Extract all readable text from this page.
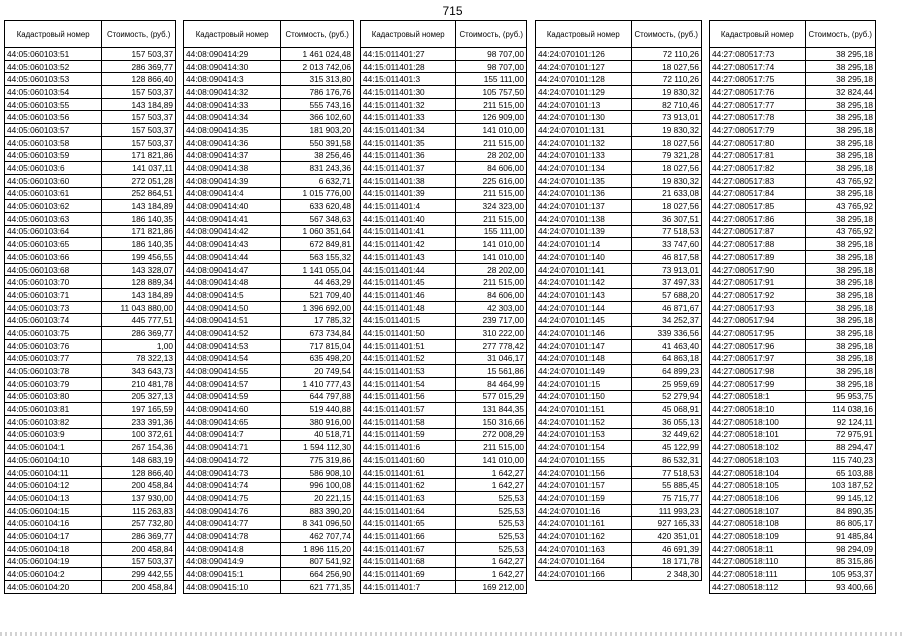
715
Кадастровый номер	Стоимость, (руб.)
44:05:060103:51	157 503,37
44:05:060103:52	286 369,77
44:05:060103:53	128 866,40
44:05:060103:54	157 503,37
44:05:060103:55	143 184,89
44:05:060103:56	157 503,37
44:05:060103:57	157 503,37
44:05:060103:58	157 503,37
44:05:060103:59	171 821,86
44:05:060103:6	141 037,11
44:05:060103:60	272 051,28
44:05:060103:61	252 864,51
44:05:060103:62	143 184,89
44:05:060103:63	186 140,35
44:05:060103:64	171 821,86
44:05:060103:65	186 140,35
44:05:060103:66	199 456,55
44:05:060103:68	143 328,07
44:05:060103:70	128 889,34
44:05:060103:71	143 184,89
44:05:060103:73	11 043 880,00
44:05:060103:74	445 777,51
44:05:060103:75	286 369,77
44:05:060103:76	1,00
44:05:060103:77	78 322,13
44:05:060103:78	343 643,73
44:05:060103:79	210 481,78
44:05:060103:80	205 327,13
44:05:060103:81	197 165,59
44:05:060103:82	233 391,36
44:05:060103:9	100 372,61
44:05:060104:1	267 154,36
44:05:060104:10	148 683,19
44:05:060104:11	128 866,40
44:05:060104:12	200 458,84
44:05:060104:13	137 930,00
44:05:060104:15	115 263,83
44:05:060104:16	257 732,80
44:05:060104:17	286 369,77
44:05:060104:18	200 458,84
44:05:060104:19	157 503,37
44:05:060104:2	299 442,55
44:05:060104:20	200 458,84
Кадастровый номер	Стоимость, (руб.)
44:08:090414:29	1 461 024,48
44:08:090414:30	2 013 742,06
44:08:090414:3	315 313,80
44:08:090414:32	786 176,76
44:08:090414:33	555 743,16
44:08:090414:34	366 102,60
44:08:090414:35	181 903,20
44:08:090414:36	550 391,58
44:08:090414:37	38 256,46
44:08:090414:38	831 243,36
44:08:090414:39	6 632,71
44:08:090414:4	1 015 776,00
44:08:090414:40	633 620,48
44:08:090414:41	567 348,63
44:08:090414:42	1 060 351,64
44:08:090414:43	672 849,81
44:08:090414:44	563 155,32
44:08:090414:47	1 141 055,04
44:08:090414:48	44 463,29
44:08:090414:5	521 709,40
44:08:090414:50	1 396 692,00
44:08:090414:51	17 785,32
44:08:090414:52	673 734,84
44:08:090414:53	717 815,04
44:08:090414:54	635 498,20
44:08:090414:55	20 749,54
44:08:090414:57	1 410 777,43
44:08:090414:59	644 797,88
44:08:090414:60	519 440,88
44:08:090414:65	380 916,00
44:08:090414:7	40 518,71
44:08:090414:71	1 594 112,30
44:08:090414:72	775 319,86
44:08:090414:73	586 908,10
44:08:090414:74	996 100,08
44:08:090414:75	20 221,15
44:08:090414:76	883 390,20
44:08:090414:77	8 341 096,50
44:08:090414:78	462 707,74
44:08:090414:8	1 896 115,20
44:08:090414:9	807 541,92
44:08:090415:1	664 256,90
44:08:090415:10	621 771,35
Кадастровый номер	Стоимость, (руб.)
44:15:011401:27	98 707,00
44:15:011401:28	98 707,00
44:15:011401:3	155 111,00
44:15:011401:30	105 757,50
44:15:011401:32	211 515,00
44:15:011401:33	126 909,00
44:15:011401:34	141 010,00
44:15:011401:35	211 515,00
44:15:011401:36	28 202,00
44:15:011401:37	84 606,00
44:15:011401:38	225 616,00
44:15:011401:39	211 515,00
44:15:011401:4	324 323,00
44:15:011401:40	211 515,00
44:15:011401:41	155 111,00
44:15:011401:42	141 010,00
44:15:011401:43	141 010,00
44:15:011401:44	28 202,00
44:15:011401:45	211 515,00
44:15:011401:46	84 606,00
44:15:011401:48	42 303,00
44:15:011401:5	239 717,00
44:15:011401:50	310 222,00
44:15:011401:51	277 778,42
44:15:011401:52	31 046,17
44:15:011401:53	15 561,86
44:15:011401:54	84 464,99
44:15:011401:56	577 015,29
44:15:011401:57	131 844,35
44:15:011401:58	150 316,66
44:15:011401:59	272 008,29
44:15:011401:6	211 515,00
44:15:011401:60	141 010,00
44:15:011401:61	1 642,27
44:15:011401:62	1 642,27
44:15:011401:63	525,53
44:15:011401:64	525,53
44:15:011401:65	525,53
44:15:011401:66	525,53
44:15:011401:67	525,53
44:15:011401:68	1 642,27
44:15:011401:69	1 642,27
44:15:011401:7	169 212,00
Кадастровый номер	Стоимость, (руб.)
44:24:070101:126	72 110,26
44:24:070101:127	18 027,56
44:24:070101:128	72 110,26
44:24:070101:129	19 830,32
44:24:070101:13	82 710,46
44:24:070101:130	73 913,01
44:24:070101:131	19 830,32
44:24:070101:132	18 027,56
44:24:070101:133	79 321,28
44:24:070101:134	18 027,56
44:24:070101:135	19 830,32
44:24:070101:136	21 633,08
44:24:070101:137	18 027,56
44:24:070101:138	36 307,51
44:24:070101:139	77 518,53
44:24:070101:14	33 747,60
44:24:070101:140	46 817,58
44:24:070101:141	73 913,01
44:24:070101:142	37 497,33
44:24:070101:143	57 688,20
44:24:070101:144	46 871,67
44:24:070101:145	34 252,37
44:24:070101:146	339 336,56
44:24:070101:147	41 463,40
44:24:070101:148	64 863,18
44:24:070101:149	64 899,23
44:24:070101:15	25 959,69
44:24:070101:150	52 279,94
44:24:070101:151	45 068,91
44:24:070101:152	36 055,13
44:24:070101:153	32 449,62
44:24:070101:154	45 122,99
44:24:070101:155	86 532,31
44:24:070101:156	77 518,53
44:24:070101:157	55 885,45
44:24:070101:159	75 715,77
44:24:070101:16	111 993,23
44:24:070101:161	927 165,33
44:24:070101:162	420 351,01
44:24:070101:163	46 691,39
44:24:070101:164	18 171,78
44:24:070101:166	2 348,30
Кадастровый номер	Стоимость, (руб.)
44:27:080517:73	38 295,18
44:27:080517:74	38 295,18
44:27:080517:75	38 295,18
44:27:080517:76	32 824,44
44:27:080517:77	38 295,18
44:27:080517:78	38 295,18
44:27:080517:79	38 295,18
44:27:080517:80	38 295,18
44:27:080517:81	38 295,18
44:27:080517:82	38 295,18
44:27:080517:83	43 765,92
44:27:080517:84	38 295,18
44:27:080517:85	43 765,92
44:27:080517:86	38 295,18
44:27:080517:87	43 765,92
44:27:080517:88	38 295,18
44:27:080517:89	38 295,18
44:27:080517:90	38 295,18
44:27:080517:91	38 295,18
44:27:080517:92	38 295,18
44:27:080517:93	38 295,18
44:27:080517:94	38 295,18
44:27:080517:95	38 295,18
44:27:080517:96	38 295,18
44:27:080517:97	38 295,18
44:27:080517:98	38 295,18
44:27:080517:99	38 295,18
44:27:080518:1	95 953,75
44:27:080518:10	114 038,16
44:27:080518:100	92 124,11
44:27:080518:101	72 975,91
44:27:080518:102	88 294,47
44:27:080518:103	115 740,23
44:27:080518:104	65 103,88
44:27:080518:105	103 187,52
44:27:080518:106	99 145,12
44:27:080518:107	84 890,35
44:27:080518:108	86 805,17
44:27:080518:109	91 485,84
44:27:080518:11	98 294,09
44:27:080518:110	85 315,86
44:27:080518:111	105 953,37
44:27:080518:112	93 400,66
